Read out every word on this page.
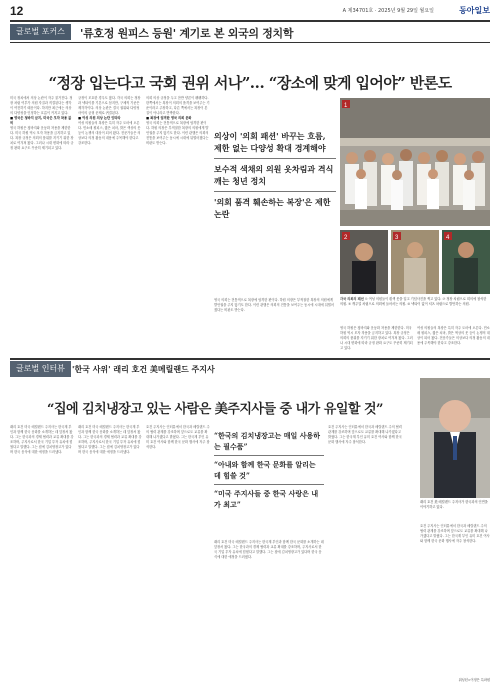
12	A 제34701호 · 2025년 9월 29일 월요일	동아일보
글로벌 포커스	'류호정 원피스 등원' 계기로 본 외국의 정치학
“정장 입는다고 국회 권위 서나”… “장소에 맞게 입어야” 반론도
미국 정치에서 의상 논란이 자주 불거진다. 정장 차림 여부가 의원 자질과 직결된다는 생각이 여전하기 때문이다. 하지만 최근에는 의상의 다양성을 인정하는 흐름이 커지고 있다.
■ 영국은 청바지 금지, 미국은 모자 착용 불허
영국 하원은 청바지와 운동화 착용을 제한한다. 미국 하원 역시 모자 착용을 금지하고 있다. 복장 규정은 의회의 품위를 지키기 위한 장치로 여겨져 왔다. 그러나 시대 변화에 따라 규정 완화 요구도 꾸준히 제기되고 있다.
규정이 모호한 경우도 많다. 각국 의회는 정장과 넥타이를 기본으로 삼지만, 구체적 기준은 제각각이다. 의상 논란은 결국 권위와 다양성 사이의 균형 문제로 귀결된다.
■ 여성 의원 의상 논란 잇따라
여성 의원들의 복장은 특히 자주 도마에 오른다. 민소매 원피스, 짧은 치마, 밝은 색상의 옷 등이 논쟁의 대상이 되어 왔다. 전문가들은 의상보다 의정 활동의 내용에 주목해야 한다고 강조한다.
의회 의상 규정을 두고 찬반 양론이 팽팽하다. 한쪽에서는 복장이 의회의 품격을 보여주는 기준이라고 주장하고, 다른 쪽에서는 복장이 본질이 아니라고 반박한다.
■ 복장에 엄격한 영국 의회 문화
영국 의회는 전통적으로 복장에 엄격한 편이다. 하원 의장은 부적절한 복장의 의원에게 발언권을 주지 않기도 한다. 이런 관행은 의회의 전통을 보여주는 동시에 시대에 뒤떨어졌다는 비판도 받는다.
의상이 '의회 패션' 바꾸는 흐름, 제한 없는 다양성 확대 경계해야
보수적 색채의 의원 옷차림과 격식 깨는 청년 정치
'의회 품격 훼손하는 복장'은 제한 논란
영국 의회는 전통적으로 복장에 엄격한 편이다. 하원 의장은 부적절한 복장의 의원에게 발언권을 주지 않기도 한다. 이런 관행은 의회의 전통을 보여주는 동시에 시대에 뒤떨어졌다는 비판도 받는다.
1
2	3	4
각국 의회의 패션 ① 여성 의원들이 흰색 옷을 입고 기념사진을 찍고 있다. ② 정장 차림으로 회의에 참석한 의원. ③ 캐주얼 차림으로 의회에 들어서는 의원. ④ 넥타이 없이 셔츠 차림으로 발언하는 의원.
영국 하원은 청바지와 운동화 착용을 제한한다. 미국 하원 역시 모자 착용을 금지하고 있다. 복장 규정은 의회의 품위를 지키기 위한 장치로 여겨져 왔다. 그러나 시대 변화에 따라 규정 완화 요구도 꾸준히 제기되고 있다.
여성 의원들의 복장은 특히 자주 도마에 오른다. 민소매 원피스, 짧은 치마, 밝은 색상의 옷 등이 논쟁의 대상이 되어 왔다. 전문가들은 의상보다 의정 활동의 내용에 주목해야 한다고 강조한다.
글로벌 인터뷰 '한국 사위' 래리 호건 美메릴랜드 주지사
“집에 김치냉장고 있는 사람은 美주지사들 중 내가 유일할 것”
래리 호건 미국 메릴랜드 주지사는 한국계 부인과 함께 한국 문화를 소개하는 데 앞장서 왔다. 그는 한국과의 경제 협력과 교류 확대를 강조하며, 주지사로서 한국 기업 투자 유치에 힘썼다고 말했다. 그는 집에 김치냉장고가 있다며 한국 음식에 대한 애정을 드러냈다.
래리 호건 미국 메릴랜드 주지사는 한국계 부인과 함께 한국 문화를 소개하는 데 앞장서 왔다. 그는 한국과의 경제 협력과 교류 확대를 강조하며, 주지사로서 한국 기업 투자 유치에 힘썼다고 말했다. 그는 집에 김치냉장고가 있다며 한국 음식에 대한 애정을 드러냈다.
호건 주지사는 인터뷰에서 한국과 메릴랜드 주의 협력 관계를 강조하며 앞으로도 교류를 확대해 나가겠다고 밝혔다. 그는 한국계 부인 유미 호건 여사와 함께 한국 문화 행사에 자주 참석한다.
“한국의 김치냉장고는 매일 사용하는 필수품”
“아내와 함께 한국 문화를 알리는 데 힘쓸 것”
“미국 주지사들 중 한국 사랑은 내가 최고”
래리 호건 미국 메릴랜드 주지사는 한국계 부인과 함께 한국 문화를 소개하는 데 앞장서 왔다. 그는 한국과의 경제 협력과 교류 확대를 강조하며, 주지사로서 한국 기업 투자 유치에 힘썼다고 말했다. 그는 집에 김치냉장고가 있다며 한국 음식에 대한 애정을 드러냈다.
호건 주지사는 인터뷰에서 한국과 메릴랜드 주의 협력 관계를 강조하며 앞으로도 교류를 확대해 나가겠다고 밝혔다. 그는 한국계 부인 유미 호건 여사와 함께 한국 문화 행사에 자주 참석한다.
래리 호건 美 메릴랜드 주지사가 한국과의 인연을 이야기하고 있다.
호건 주지사는 인터뷰에서 한국과 메릴랜드 주의 협력 관계를 강조하며 앞으로도 교류를 확대해 나가겠다고 밝혔다. 그는 한국계 부인 유미 호건 여사와 함께 한국 문화 행사에 자주 참석한다.
워싱턴=이정은 특파원
